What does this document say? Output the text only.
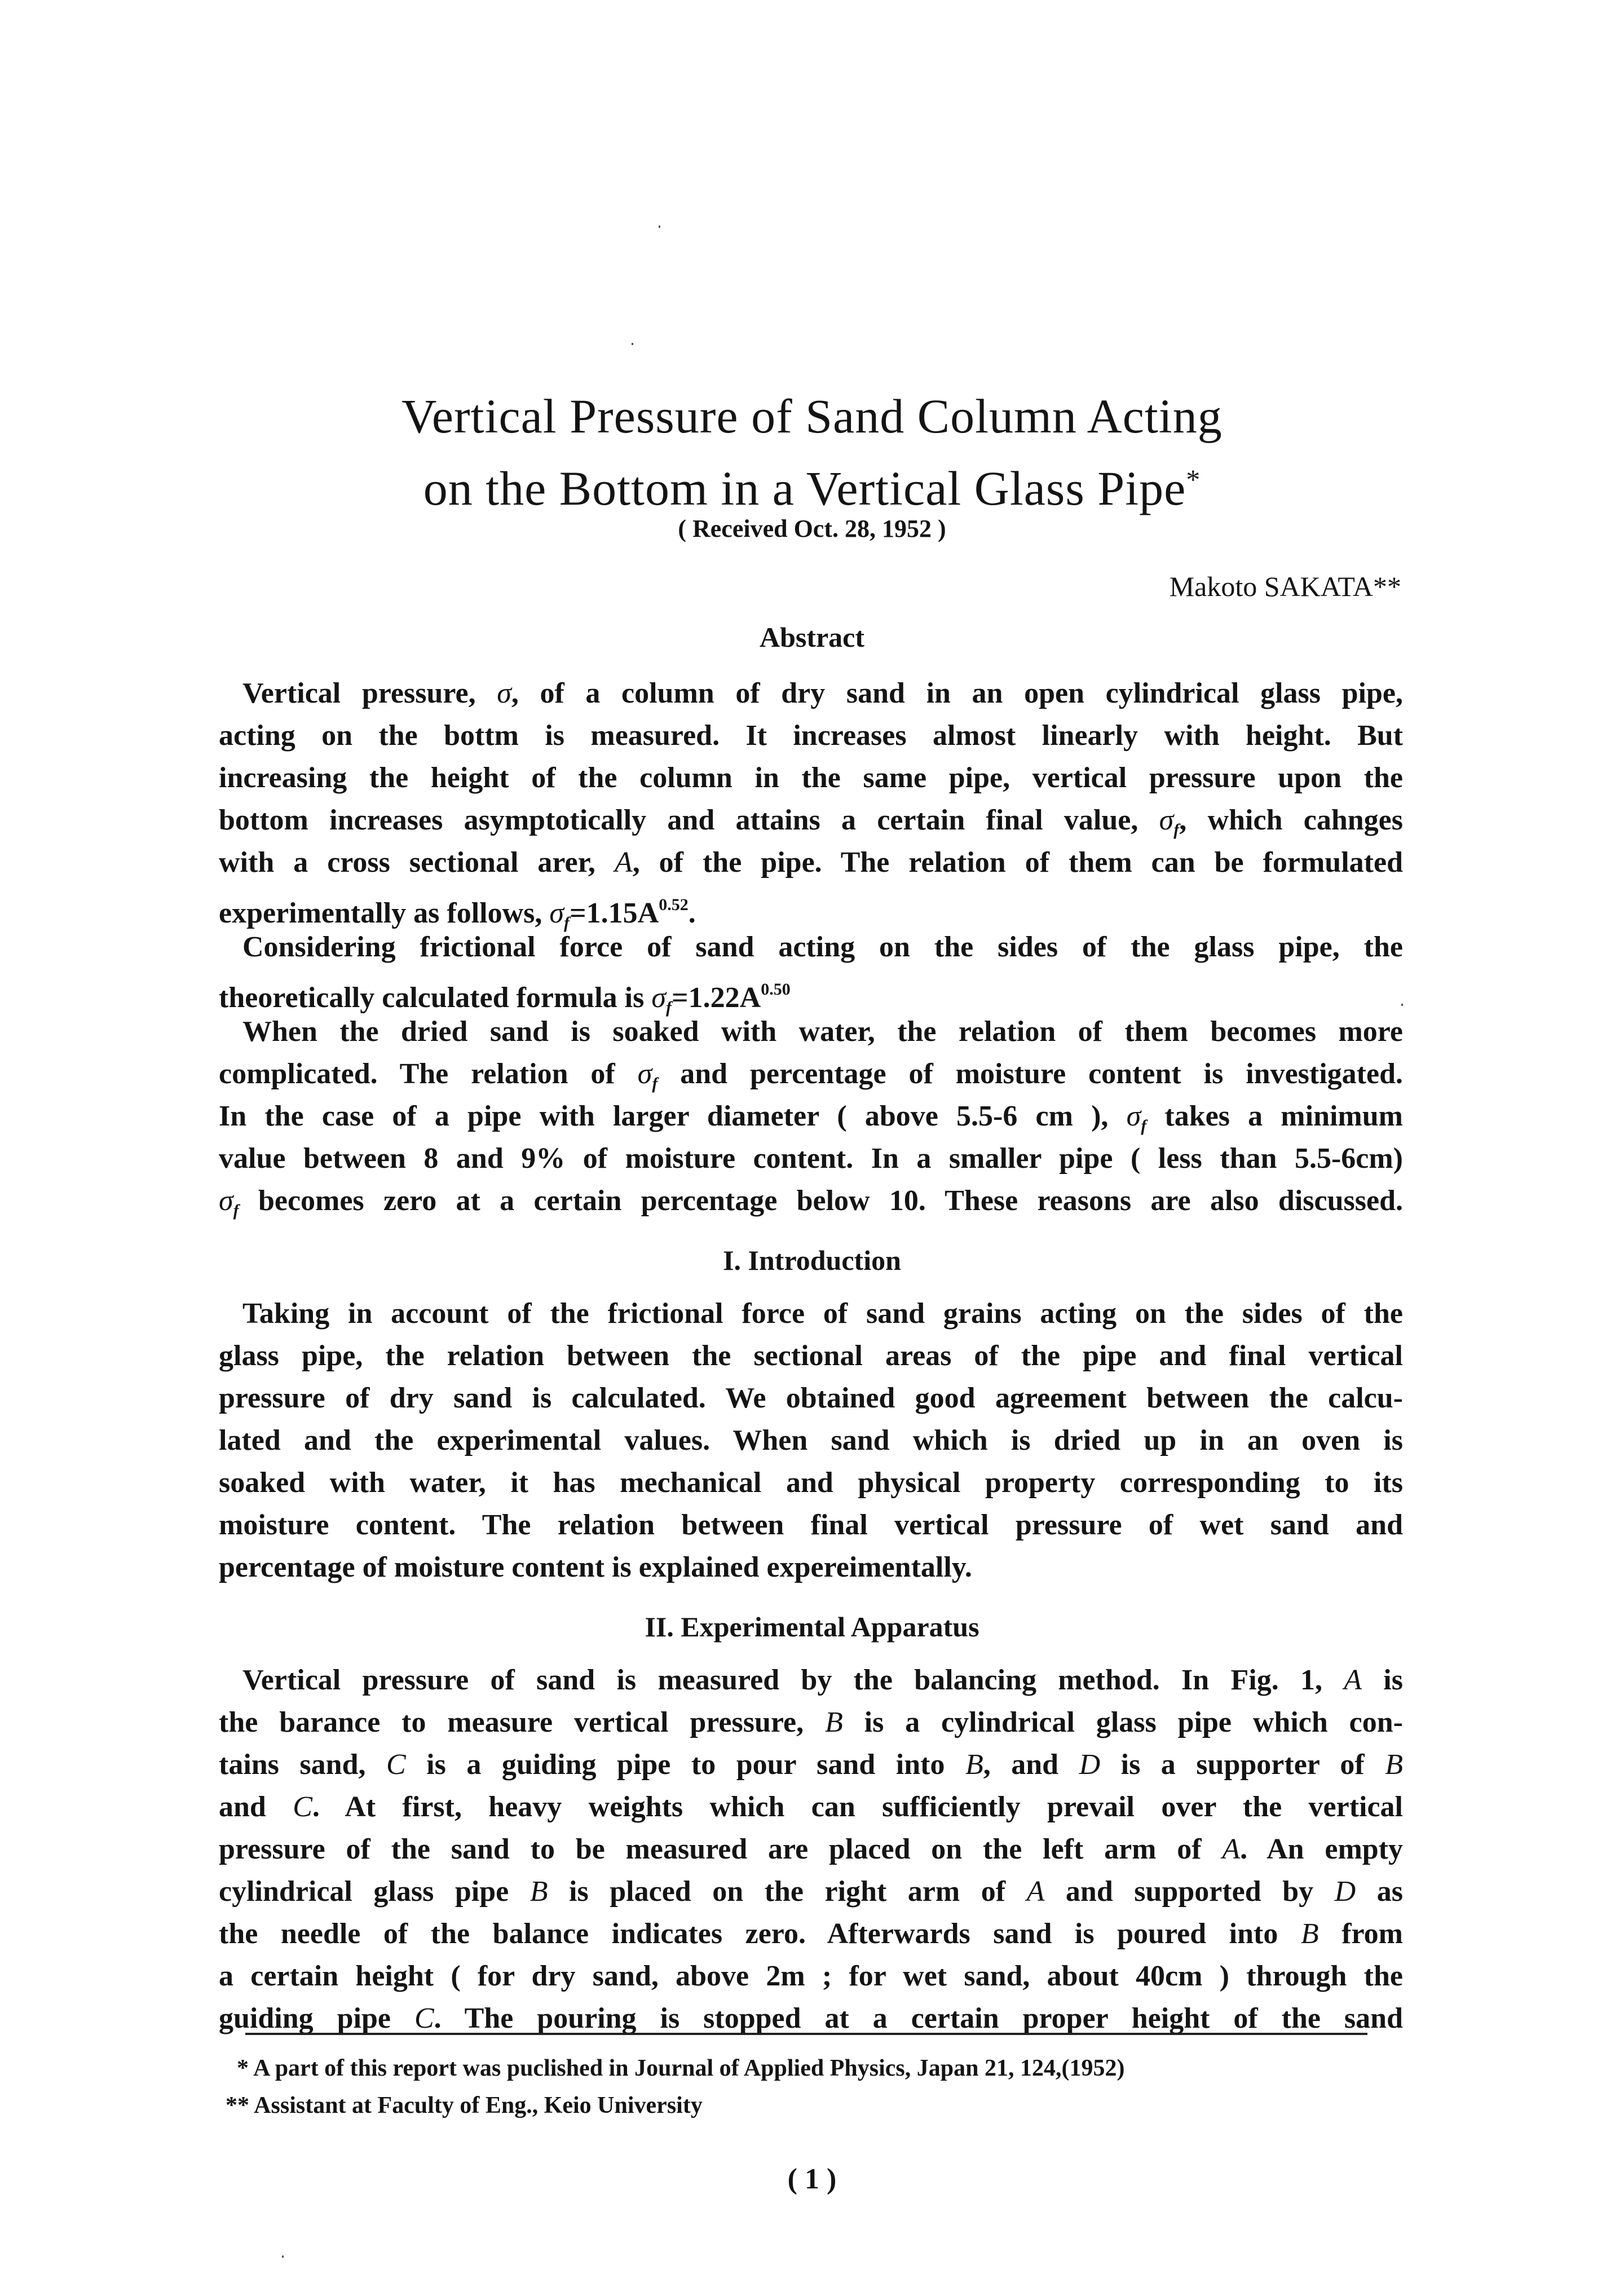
Vertical Pressure of Sand Column Acting
on the Bottom in a Vertical Glass Pipe*
( Received Oct. 28, 1952 )
Makoto SAKATA**
Abstract
Vertical pressure, σ, of a column of dry sand in an open cylindrical glass pipe,
acting on the bottm is measured. It increases almost linearly with height. But
increasing the height of the column in the same pipe, vertical pressure upon the
bottom increases asymptotically and attains a certain final value, $\sigma_f$, which cahnges
with a cross sectional arer, A, of the pipe. The relation of them can be formulated
experimentally as follows, $\sigma_f=1.15A^{0.52}$.
Considering frictional force of sand acting on the sides of the glass pipe, the
theoretically calculated formula is $\sigma_f=1.22A^{0.50}$
When the dried sand is soaked with water, the relation of them becomes more
complicated. The relation of $\sigma_f$ and percentage of moisture content is investigated.
In the case of a pipe with larger diameter ( above 5.5-6 cm ), $\sigma_f$ takes a minimum
value between 8 and 9% of moisture content. In a smaller pipe ( less than 5.5-6cm)
$\sigma_f$ becomes zero at a certain percentage below 10. These reasons are also discussed.
I. Introduction
Taking in account of the frictional force of sand grains acting on the sides of the
glass pipe, the relation between the sectional areas of the pipe and final vertical
pressure of dry sand is calculated. We obtained good agreement between the calcu-
lated and the experimental values. When sand which is dried up in an oven is
soaked with water, it has mechanical and physical property corresponding to its
moisture content. The relation between final vertical pressure of wet sand and
percentage of moisture content is explained expereimentally.
II. Experimental Apparatus
Vertical pressure of sand is measured by the balancing method. In Fig. 1, A is
the barance to measure vertical pressure, B is a cylindrical glass pipe which con-
tains sand, C is a guiding pipe to pour sand into B, and D is a supporter of B
and C. At first, heavy weights which can sufficiently prevail over the vertical
pressure of the sand to be measured are placed on the left arm of A. An empty
cylindrical glass pipe B is placed on the right arm of A and supported by D as
the needle of the balance indicates zero. Afterwards sand is poured into B from
a certain height ( for dry sand, above 2m ; for wet sand, about 40cm ) through the
guiding pipe C. The pouring is stopped at a certain proper height of the sand
* A part of this report was puclished in Journal of Applied Physics, Japan 21, 124,(1952)
** Assistant at Faculty of Eng., Keio University
( 1 )
